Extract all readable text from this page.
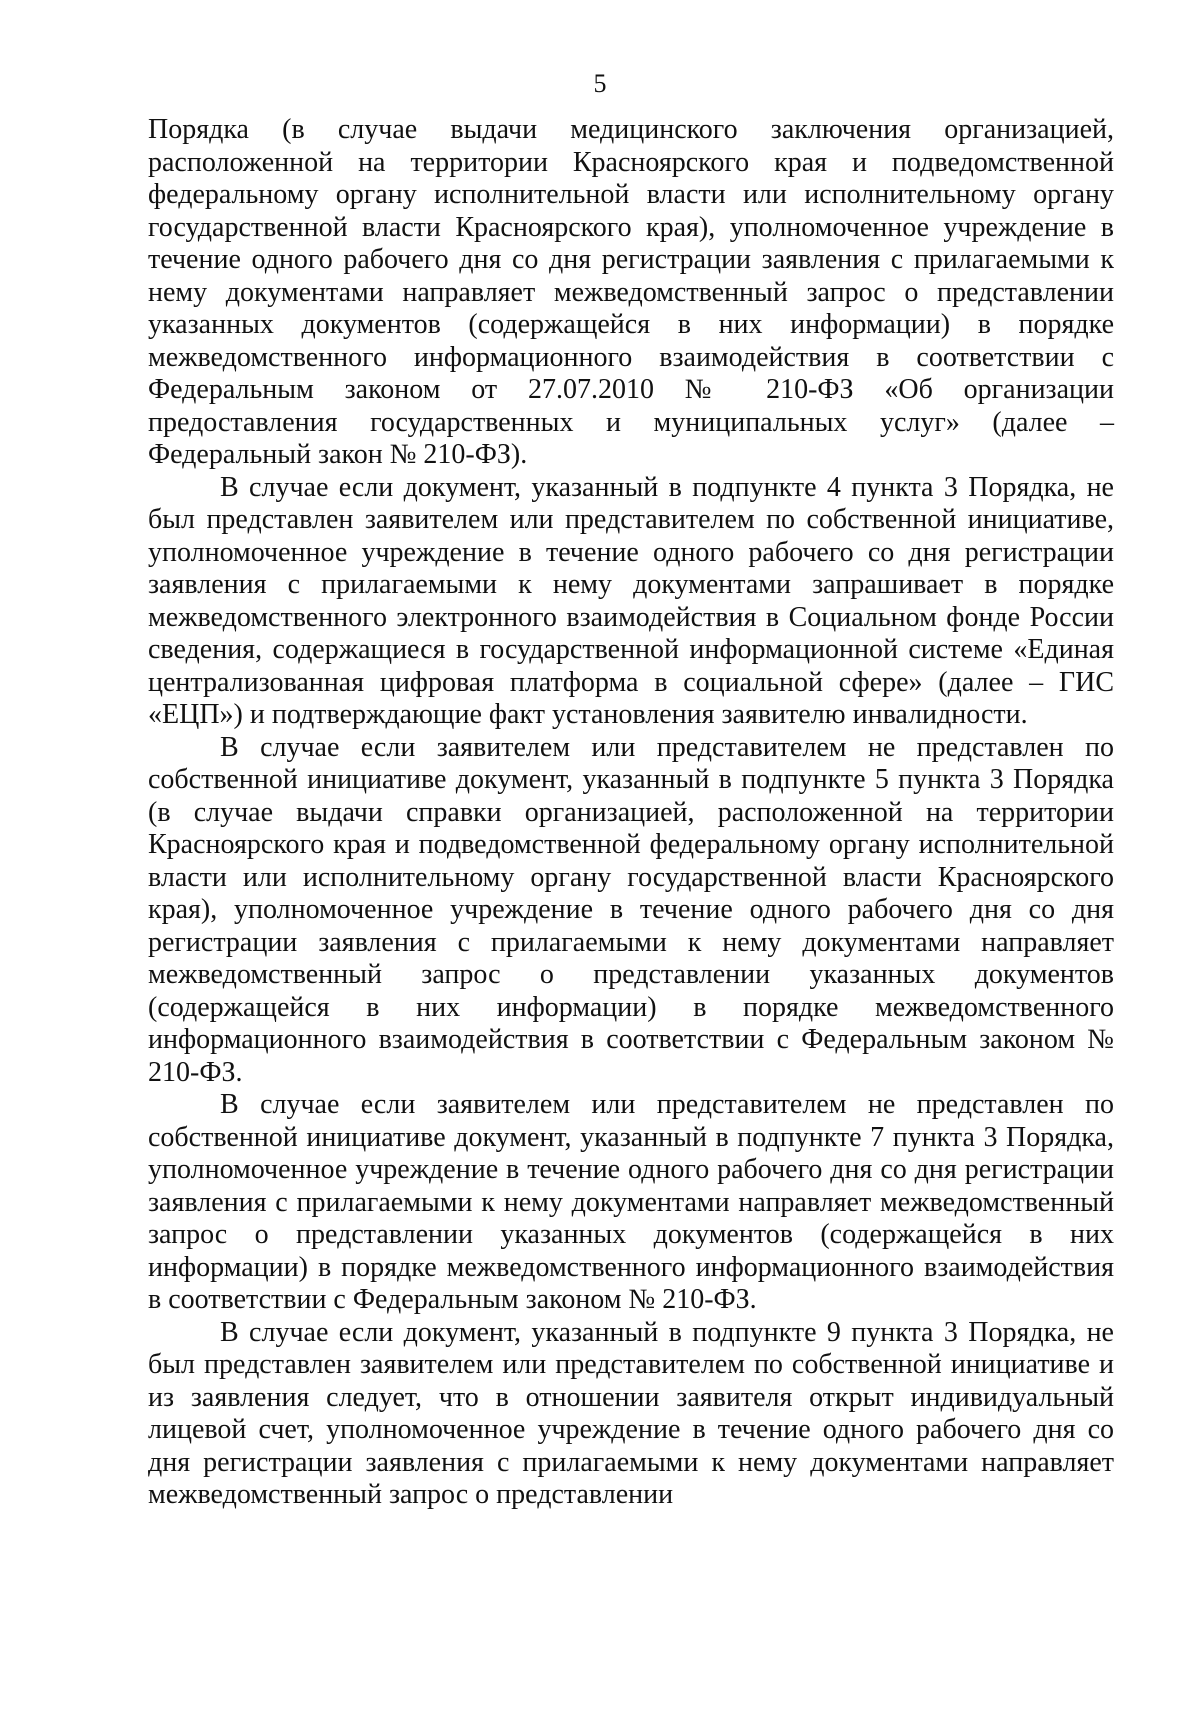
5

Порядка (в случае выдачи медицинского заключения организацией, расположенной на территории Красноярского края и подведомственной федеральному органу исполнительной власти или исполнительному органу государственной власти Красноярского края), уполномоченное учреждение в течение одного рабочего дня со дня регистрации заявления с прилагаемыми к нему документами направляет межведомственный запрос о представлении указанных документов (содержащейся в них информации) в порядке межведомственного информационного взаимодействия в соответствии с Федеральным законом от 27.07.2010 № 210-ФЗ «Об организации предоставления государственных и муниципальных услуг» (далее – Федеральный закон № 210-ФЗ).

В случае если документ, указанный в подпункте 4 пункта 3 Порядка, не был представлен заявителем или представителем по собственной инициативе, уполномоченное учреждение в течение одного рабочего со дня регистрации заявления с прилагаемыми к нему документами запрашивает в порядке межведомственного электронного взаимодействия в Социальном фонде России сведения, содержащиеся в государственной информационной системе «Единая централизованная цифровая платформа в социальной сфере» (далее – ГИС «ЕЦП») и подтверждающие факт установления заявителю инвалидности.

В случае если заявителем или представителем не представлен по собственной инициативе документ, указанный в подпункте 5 пункта 3 Порядка (в случае выдачи справки организацией, расположенной на территории Красноярского края и подведомственной федеральному органу исполнительной власти или исполнительному органу государственной власти Красноярского края), уполномоченное учреждение в течение одного рабочего дня со дня регистрации заявления с прилагаемыми к нему документами направляет межведомственный запрос о представлении указанных документов (содержащейся в них информации) в порядке межведомственного информационного взаимодействия в соответствии с Федеральным законом № 210-ФЗ.

В случае если заявителем или представителем не представлен по собственной инициативе документ, указанный в подпункте 7 пункта 3 Порядка, уполномоченное учреждение в течение одного рабочего дня со дня регистрации заявления с прилагаемыми к нему документами направляет межведомственный запрос о представлении указанных документов (содержащейся в них информации) в порядке межведомственного информационного взаимодействия в соответствии с Федеральным законом № 210-ФЗ.

В случае если документ, указанный в подпункте 9 пункта 3 Порядка, не был представлен заявителем или представителем по собственной инициативе и из заявления следует, что в отношении заявителя открыт индивидуальный лицевой счет, уполномоченное учреждение в течение одного рабочего дня со дня регистрации заявления с прилагаемыми к нему документами направляет межведомственный запрос о представлении
